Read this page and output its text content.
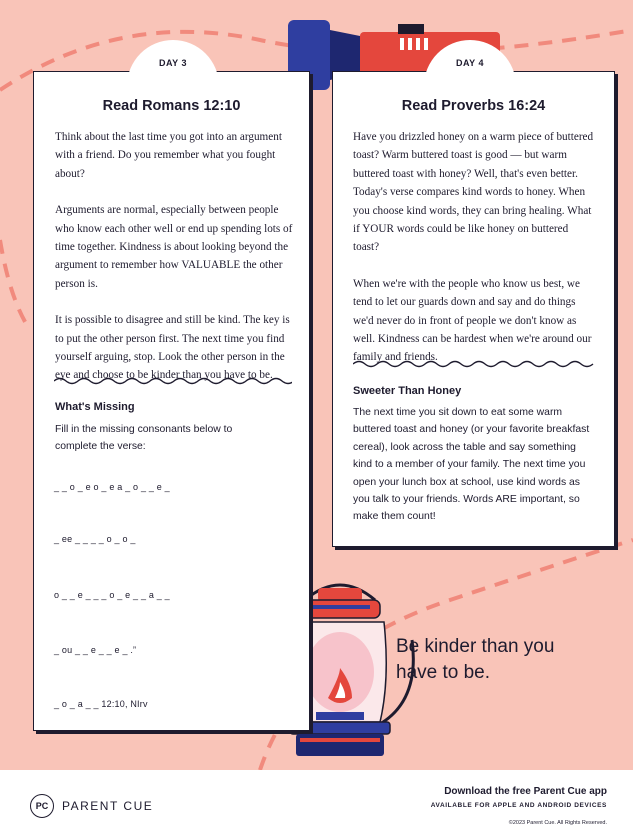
Read Romans 12:10

Think about the last time you got into an argument with a friend. Do you remember what you fought about?

Arguments are normal, especially between people who know each other well or end up spending lots of time together. Kindness is about looking beyond the argument to remember how VALUABLE the other person is.

It is possible to disagree and still be kind. The key is to put the other person first. The next time you find yourself arguing, stop. Look the other person in the eye and choose to be kinder than you have to be.

What's Missing
Fill in the missing consonants below to complete the verse:
_ _ o _ e o _ e a _ o _ _ e _
_ ee _ _ _ _ o _ o _
o _ _ e _ _ _ o _ e _ _ a _ _
_ ou _ _ e _ _ e _ .”
_ o _ a _ _ 12:10, NIrv
DAY 3
Read Proverbs 16:24

Have you drizzled honey on a warm piece of buttered toast? Warm buttered toast is good — but warm buttered toast with honey? Well, that's even better. Today's verse compares kind words to honey. When you choose kind words, they can bring healing. What if YOUR words could be like honey on buttered toast?

When we're with the people who know us best, we tend to let our guards down and say and do things we'd never do in front of people we don't know as well. Kindness can be hardest when we're around our family and friends.

Sweeter Than Honey
The next time you sit down to eat some warm buttered toast and honey (or your favorite breakfast cereal), look across the table and say something kind to a member of your family. The next time you open your lunch box at school, use kind words as you talk to your friends. Words ARE important, so make them count!
DAY 4
Be kinder than you have to be.
PC	PARENT CUE
Download the free Parent Cue app
AVAILABLE FOR APPLE AND ANDROID DEVICES
©2023 Parent Cue. All Rights Reserved.
